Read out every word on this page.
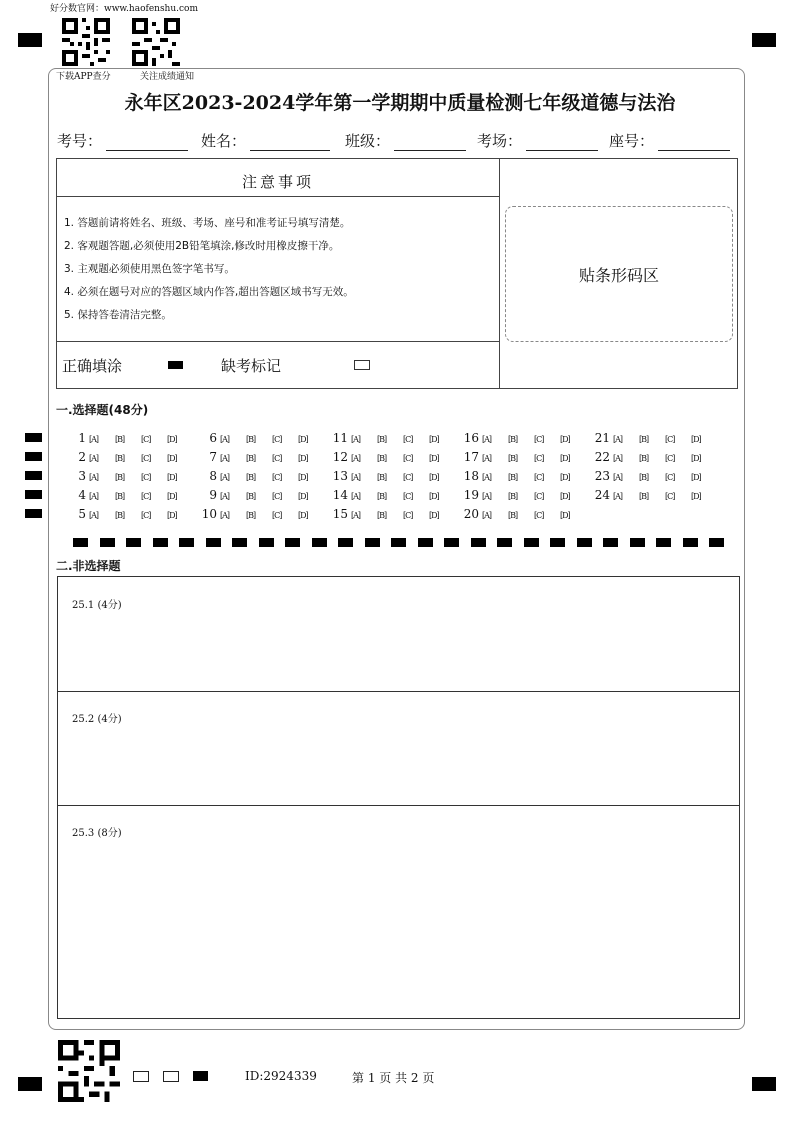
好分数官网：www.haofenshu.com
下载APP查分	关注成绩通知
永年区2023-2024学年第一学期期中质量检测七年级道德与法治
考号：	姓名：	班级：	考场：	座号：
注意事项
1. 答题前请将姓名、班级、考场、座号和准考证号填写清楚。
2. 客观题答题,必须使用2B铅笔填涂,修改时用橡皮擦干净。
3. 主观题必须使用黑色签字笔书写。
4. 必须在题号对应的答题区域内作答,超出答题区域书写无效。
5. 保持答卷清洁完整。
正确填涂	缺考标记
贴条形码区
一.选择题(48分)
1 [A] [B] [C] [D]
2 [A] [B] [C] [D]
3 [A] [B] [C] [D]
4 [A] [B] [C] [D]
5 [A] [B] [C] [D]
6 [A] [B] [C] [D]
7 [A] [B] [C] [D]
8 [A] [B] [C] [D]
9 [A] [B] [C] [D]
10 [A] [B] [C] [D]
11 [A] [B] [C] [D]
12 [A] [B] [C] [D]
13 [A] [B] [C] [D]
14 [A] [B] [C] [D]
15 [A] [B] [C] [D]
16 [A] [B] [C] [D]
17 [A] [B] [C] [D]
18 [A] [B] [C] [D]
19 [A] [B] [C] [D]
20 [A] [B] [C] [D]
21 [A] [B] [C] [D]
22 [A] [B] [C] [D]
23 [A] [B] [C] [D]
24 [A] [B] [C] [D]
二.非选择题
25.1 (4分)
25.2 (4分)
25.3 (8分)
ID:2924339	第 1 页 共 2 页
